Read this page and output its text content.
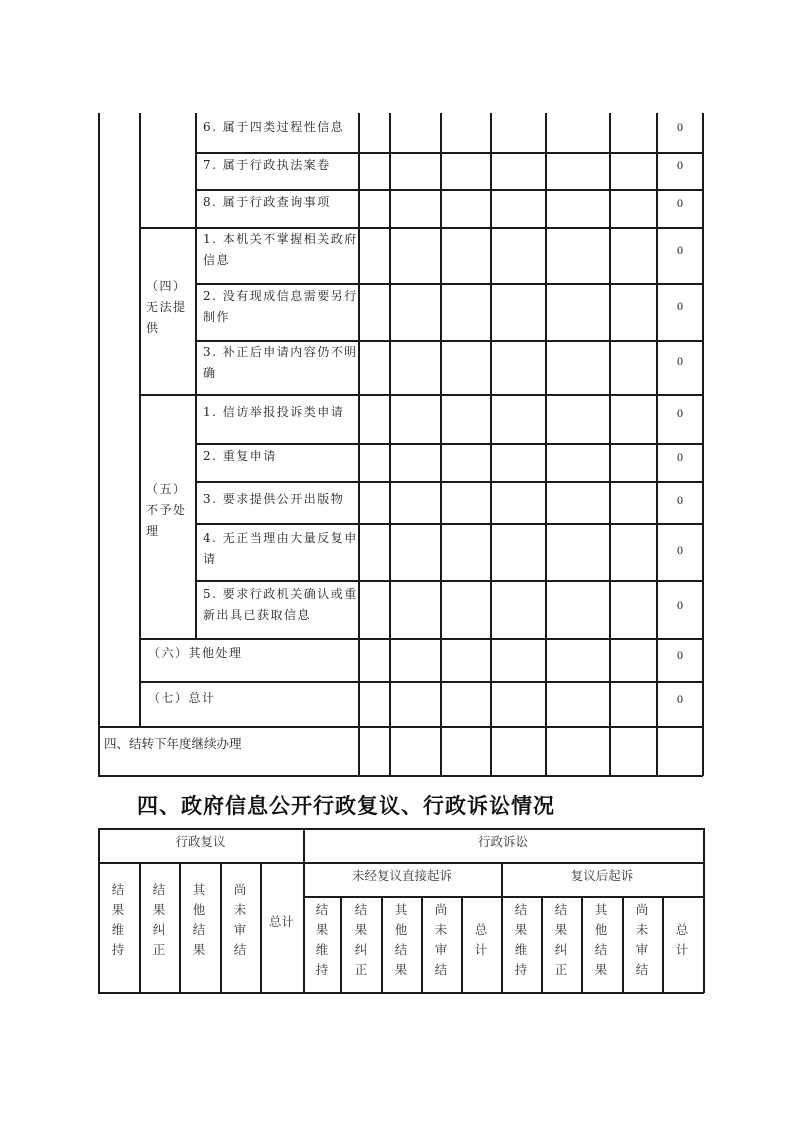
（四）
无法提
供
（五）
不予处
理
6. 属于四类过程性信息
7. 属于行政执法案卷
8. 属于行政查询事项
1. 本机关不掌握相关政府
信息
2. 没有现成信息需要另行
制作
3. 补正后申请内容仍不明
确
1. 信访举报投诉类申请
2. 重复申请
3. 要求提供公开出版物
4. 无正当理由大量反复申
请
5. 要求行政机关确认或重
新出具已获取信息
（六）其他处理
（七）总计
四、结转下年度继续办理
0
0
0
0
0
0
0
0
0
0
0
0
0
四、政府信息公开行政复议、行政诉讼情况
行政复议	行政诉讼
未经复议直接起诉	复议后起诉
结
果
维
持
结
果
纠
正
其
他
结
果
尚
未
审
结
总计
结
果
维
持
结
果
纠
正
其
他
结
果
尚
未
审
结
总
计
结
果
维
持
结
果
纠
正
其
他
结
果
尚
未
审
结
总
计
